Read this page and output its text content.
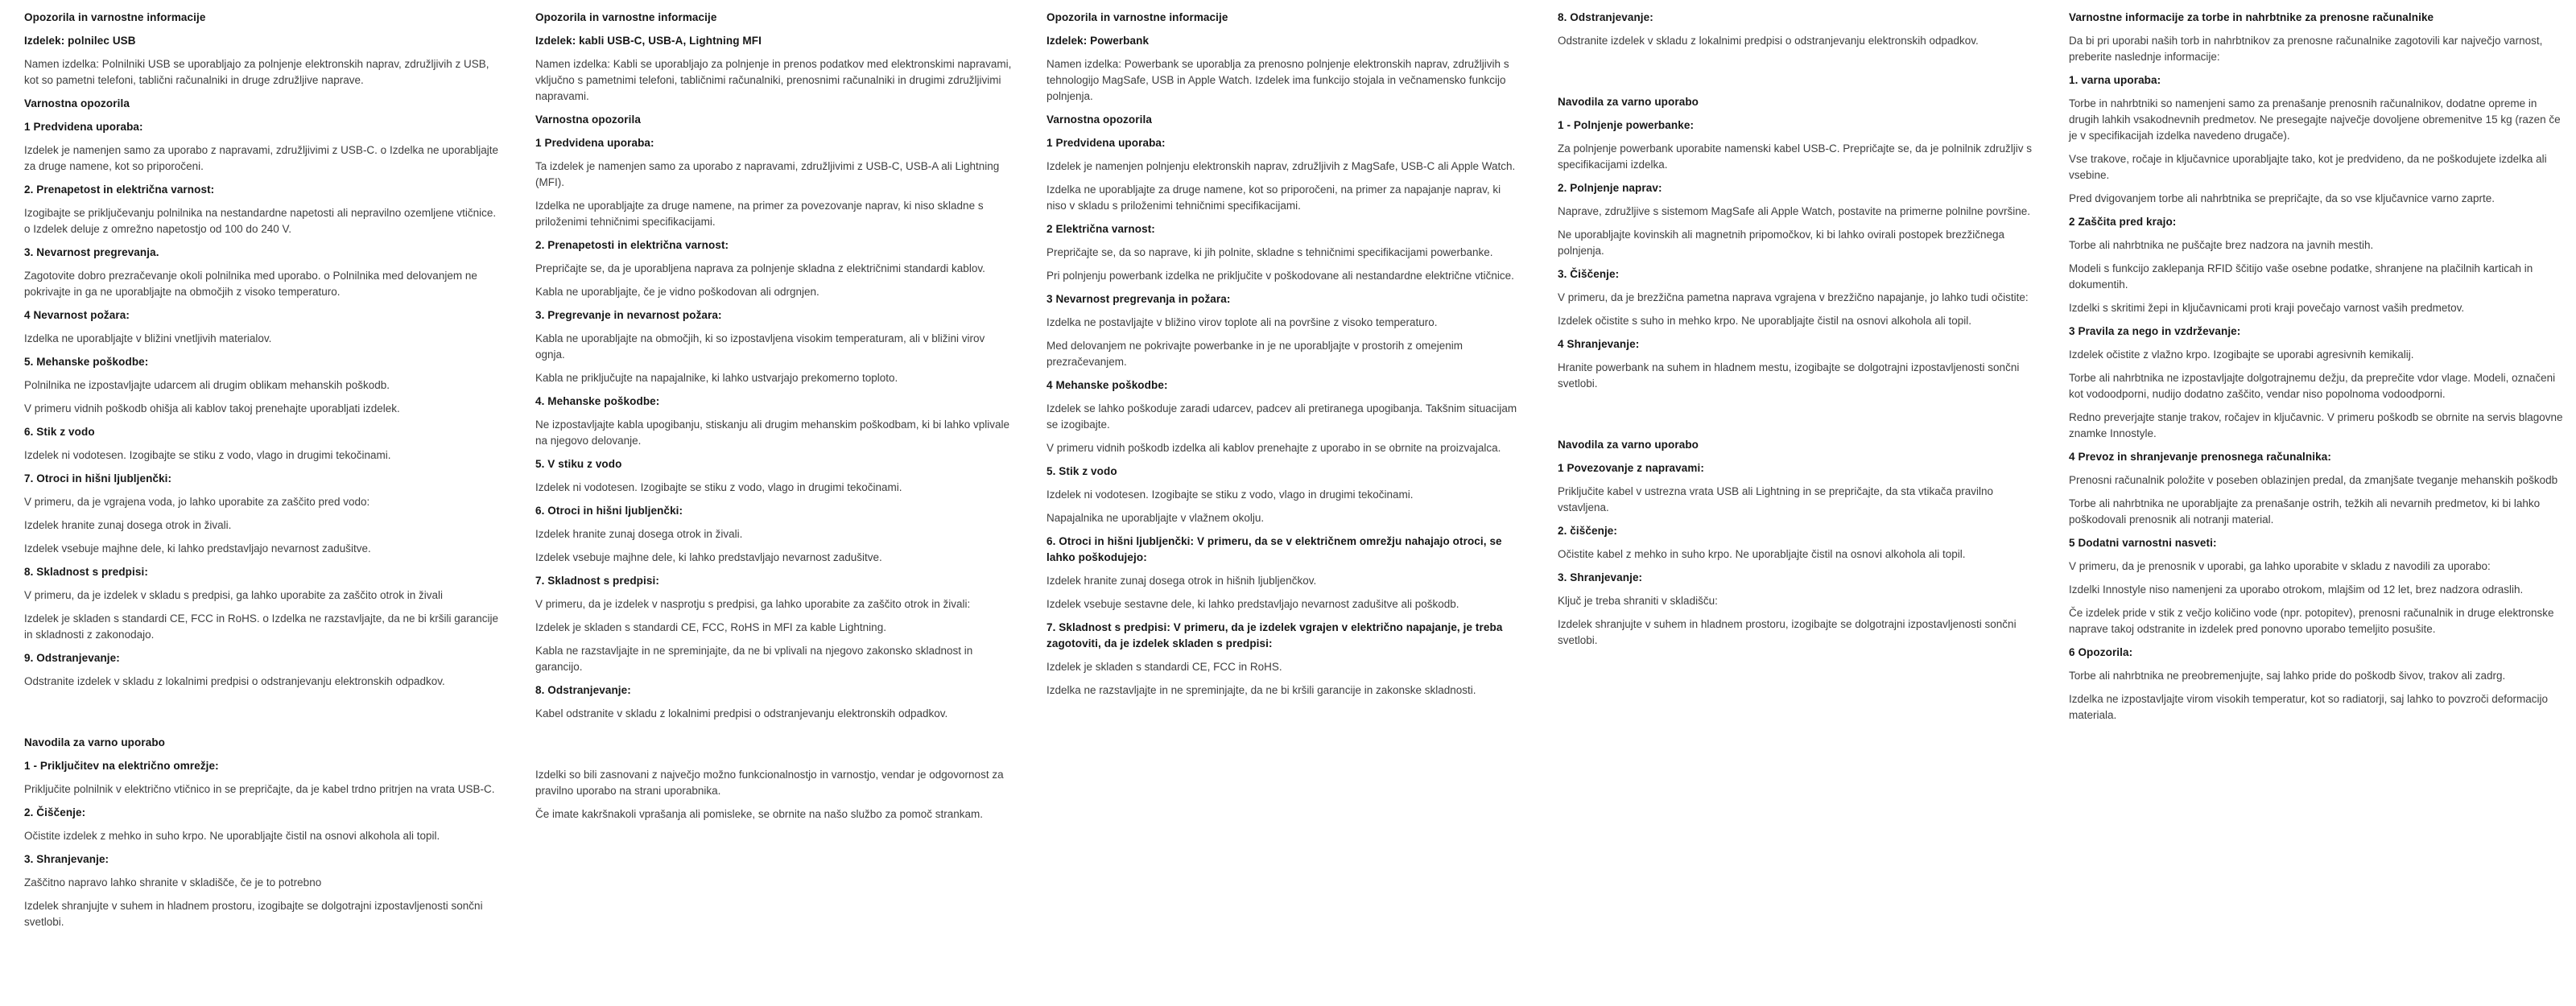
Opozorila in varnostne informacije
Izdelek: polnilec USB

Namen izdelka: Polnilniki USB se uporabljajo za polnjenje elektronskih naprav, združljivih z USB, kot so pametni telefoni, tablični računalniki in druge združljive naprave.

Varnostna opozorila
1 Predvidena uporaba:

Izdelek je namenjen samo za uporabo z napravami, združljivimi z USB-C. o Izdelka ne uporabljajte za druge namene, kot so priporočeni.

2. Prenapetost in električna varnost:

Izogibajte se priključevanju polnilnika na nestandardne napetosti ali nepravilno ozemljene vtičnice. o Izdelek deluje z omrežno napetostjo od 100 do 240 V.

3. Nevarnost pregrevanja.

Zagotovite dobro prezračevanje okoli polnilnika med uporabo. o Polnilnika med delovanjem ne pokrivajte in ga ne uporabljajte na območjih z visoko temperaturo.

4 Nevarnost požara:

Izdelka ne uporabljajte v bližini vnetljivih materialov.

5. Mehanske poškodbe:

Polnilnika ne izpostavljajte udarcem ali drugim oblikam mehanskih poškodb.

V primeru vidnih poškodb ohišja ali kablov takoj prenehajte uporabljati izdelek.

6. Stik z vodo

Izdelek ni vodotesen. Izogibajte se stiku z vodo, vlago in drugimi tekočinami.

7. Otroci in hišni ljubljenčki:

V primeru, da je vgrajena voda, jo lahko uporabite za zaščito pred vodo:

Izdelek hranite zunaj dosega otrok in živali.

Izdelek vsebuje majhne dele, ki lahko predstavljajo nevarnost zadušitve.

8. Skladnost s predpisi:

V primeru, da je izdelek v skladu s predpisi, ga lahko uporabite za zaščito otrok in živali

Izdelek je skladen s standardi CE, FCC in RoHS. o Izdelka ne razstavljajte, da ne bi kršili garancije in skladnosti z zakonodajo.

9. Odstranjevanje:

Odstranite izdelek v skladu z lokalnimi predpisi o odstranjevanju elektronskih odpadkov.

Navodila za varno uporabo
1 - Priključitev na električno omrežje:

Priključite polnilnik v električno vtičnico in se prepričajte, da je kabel trdno pritrjen na vrata USB-C.

2. Čiščenje:

Očistite izdelek z mehko in suho krpo. Ne uporabljajte čistil na osnovi alkohola ali topil.

3. Shranjevanje:

Zaščitno napravo lahko shranite v skladišče, če je to potrebno

Izdelek shranjujte v suhem in hladnem prostoru, izogibajte se dolgotrajni izpostavljenosti sončni svetlobi.

Opozorila in varnostne informacije
Izdelek: kabli USB-C, USB-A, Lightning MFI

Namen izdelka: Kabli se uporabljajo za polnjenje in prenos podatkov med elektronskimi napravami, vključno s pametnimi telefoni, tabličnimi računalniki, prenosnimi računalniki in drugimi združljivimi napravami.

Varnostna opozorila
1 Predvidena uporaba:

Ta izdelek je namenjen samo za uporabo z napravami, združljivimi z USB-C, USB-A ali Lightning (MFI).

Izdelka ne uporabljajte za druge namene, na primer za povezovanje naprav, ki niso skladne s priloženimi tehničnimi specifikacijami.

2. Prenapetosti in električna varnost:

Prepričajte se, da je uporabljena naprava za polnjenje skladna z električnimi standardi kablov.

Kabla ne uporabljajte, če je vidno poškodovan ali odrgnjen.

3. Pregrevanje in nevarnost požara:

Kabla ne uporabljajte na območjih, ki so izpostavljena visokim temperaturam, ali v bližini virov ognja.

Kabla ne priključujte na napajalnike, ki lahko ustvarjajo prekomerno toploto.

4. Mehanske poškodbe:

Ne izpostavljajte kabla upogibanju, stiskanju ali drugim mehanskim poškodbam, ki bi lahko vplivale na njegovo delovanje.

5. V stiku z vodo

Izdelek ni vodotesen. Izogibajte se stiku z vodo, vlago in drugimi tekočinami.

6. Otroci in hišni ljubljenčki:

Izdelek hranite zunaj dosega otrok in živali.

Izdelek vsebuje majhne dele, ki lahko predstavljajo nevarnost zadušitve.

7. Skladnost s predpisi:

V primeru, da je izdelek v nasprotju s predpisi, ga lahko uporabite za zaščito otrok in živali:

Izdelek je skladen s standardi CE, FCC, RoHS in MFI za kable Lightning.

Kabla ne razstavljajte in ne spreminjajte, da ne bi vplivali na njegovo zakonsko skladnost in garancijo.

8. Odstranjevanje:

Kabel odstranite v skladu z lokalnimi predpisi o odstranjevanju elektronskih odpadkov.

Izdelki so bili zasnovani z največjo možno funkcionalnostjo in varnostjo, vendar je odgovornost za pravilno uporabo na strani uporabnika.

Če imate kakršnakoli vprašanja ali pomisleke, se obrnite na našo službo za pomoč strankam.

Opozorila in varnostne informacije
Izdelek: Powerbank

Namen izdelka: Powerbank se uporablja za prenosno polnjenje elektronskih naprav, združljivih s tehnologijo MagSafe, USB in Apple Watch. Izdelek ima funkcijo stojala in večnamensko funkcijo polnjenja.

Varnostna opozorila
1 Predvidena uporaba:

Izdelek je namenjen polnjenju elektronskih naprav, združljivih z MagSafe, USB-C ali Apple Watch.

Izdelka ne uporabljajte za druge namene, kot so priporočeni, na primer za napajanje naprav, ki niso v skladu s priloženimi tehničnimi specifikacijami.

2 Električna varnost:

Prepričajte se, da so naprave, ki jih polnite, skladne s tehničnimi specifikacijami powerbanke.

Pri polnjenju powerbank izdelka ne priključite v poškodovane ali nestandardne električne vtičnice.

3 Nevarnost pregrevanja in požara:

Izdelka ne postavljajte v bližino virov toplote ali na površine z visoko temperaturo.

Med delovanjem ne pokrivajte powerbanke in je ne uporabljajte v prostorih z omejenim prezračevanjem.

4 Mehanske poškodbe:

Izdelek se lahko poškoduje zaradi udarcev, padcev ali pretiranega upogibanja. Takšnim situacijam se izogibajte.

V primeru vidnih poškodb izdelka ali kablov prenehajte z uporabo in se obrnite na proizvajalca.

5. Stik z vodo

Izdelek ni vodotesen. Izogibajte se stiku z vodo, vlago in drugimi tekočinami.

Napajalnika ne uporabljajte v vlažnem okolju.

6. Otroci in hišni ljubljenčki: V primeru, da se v električnem omrežju nahajajo otroci, se lahko poškodujejo:

Izdelek hranite zunaj dosega otrok in hišnih ljubljenčkov.

Izdelek vsebuje sestavne dele, ki lahko predstavljajo nevarnost zadušitve ali poškodb.

7. Skladnost s predpisi: V primeru, da je izdelek vgrajen v električno napajanje, je treba zagotoviti, da je izdelek skladen s predpisi:

Izdelek je skladen s standardi CE, FCC in RoHS.

Izdelka ne razstavljajte in ne spreminjajte, da ne bi kršili garancije in zakonske skladnosti.

8. Odstranjevanje:

Odstranite izdelek v skladu z lokalnimi predpisi o odstranjevanju elektronskih odpadkov.

Navodila za varno uporabo
1 - Polnjenje powerbanke:

Za polnjenje powerbank uporabite namenski kabel USB-C. Prepričajte se, da je polnilnik združljiv s specifikacijami izdelka.

2. Polnjenje naprav:

Naprave, združljive s sistemom MagSafe ali Apple Watch, postavite na primerne polnilne površine.

Ne uporabljajte kovinskih ali magnetnih pripomočkov, ki bi lahko ovirali postopek brezžičnega polnjenja.

3. Čiščenje:

V primeru, da je brezžična pametna naprava vgrajena v brezžično napajanje, jo lahko tudi očistite:

Izdelek očistite s suho in mehko krpo. Ne uporabljajte čistil na osnovi alkohola ali topil.

4 Shranjevanje:

Hranite powerbank na suhem in hladnem mestu, izogibajte se dolgotrajni izpostavljenosti sončni svetlobi.

Navodila za varno uporabo
1 Povezovanje z napravami:

Priključite kabel v ustrezna vrata USB ali Lightning in se prepričajte, da sta vtikača pravilno vstavljena.

2. čiščenje:

Očistite kabel z mehko in suho krpo. Ne uporabljajte čistil na osnovi alkohola ali topil.

3. Shranjevanje:

Ključ je treba shraniti v skladišču:

Izdelek shranjujte v suhem in hladnem prostoru, izogibajte se dolgotrajni izpostavljenosti sončni svetlobi.

Varnostne informacije za torbe in nahrbtnike za prenosne računalnike

Da bi pri uporabi naših torb in nahrbtnikov za prenosne računalnike zagotovili kar največjo varnost, preberite naslednje informacije:

1. varna uporaba:

Torbe in nahrbtniki so namenjeni samo za prenašanje prenosnih računalnikov, dodatne opreme in drugih lahkih vsakodnevnih predmetov. Ne presegajte največje dovoljene obremenitve 15 kg (razen če je v specifikacijah izdelka navedeno drugače).

Vse trakove, ročaje in ključavnice uporabljajte tako, kot je predvideno, da ne poškodujete izdelka ali vsebine.

Pred dvigovanjem torbe ali nahrbtnika se prepričajte, da so vse ključavnice varno zaprte.

2 Zaščita pred krajo:

Torbe ali nahrbtnika ne puščajte brez nadzora na javnih mestih.

Modeli s funkcijo zaklepanja RFID ščitijo vaše osebne podatke, shranjene na plačilnih karticah in dokumentih.

Izdelki s skritimi žepi in ključavnicami proti kraji povečajo varnost vaših predmetov.

3 Pravila za nego in vzdrževanje:

Izdelek očistite z vlažno krpo. Izogibajte se uporabi agresivnih kemikalij.

Torbe ali nahrbtnika ne izpostavljajte dolgotrajnemu dežju, da preprečite vdor vlage. Modeli, označeni kot vodoodporni, nudijo dodatno zaščito, vendar niso popolnoma vodoodporni.

Redno preverjajte stanje trakov, ročajev in ključavnic. V primeru poškodb se obrnite na servis blagovne znamke Innostyle.

4 Prevoz in shranjevanje prenosnega računalnika:

Prenosni računalnik položite v poseben oblazinjen predal, da zmanjšate tveganje mehanskih poškodb

Torbe ali nahrbtnika ne uporabljajte za prenašanje ostrih, težkih ali nevarnih predmetov, ki bi lahko poškodovali prenosnik ali notranji material.

5 Dodatni varnostni nasveti:

V primeru, da je prenosnik v uporabi, ga lahko uporabite v skladu z navodili za uporabo:

Izdelki Innostyle niso namenjeni za uporabo otrokom, mlajšim od 12 let, brez nadzora odraslih.

Če izdelek pride v stik z večjo količino vode (npr. potopitev), prenosni računalnik in druge elektronske naprave takoj odstranite in izdelek pred ponovno uporabo temeljito posušite.

6 Opozorila:

Torbe ali nahrbtnika ne preobremenjujte, saj lahko pride do poškodb šivov, trakov ali zadrg.

Izdelka ne izpostavljajte virom visokih temperatur, kot so radiatorji, saj lahko to povzroči deformacijo materiala.
